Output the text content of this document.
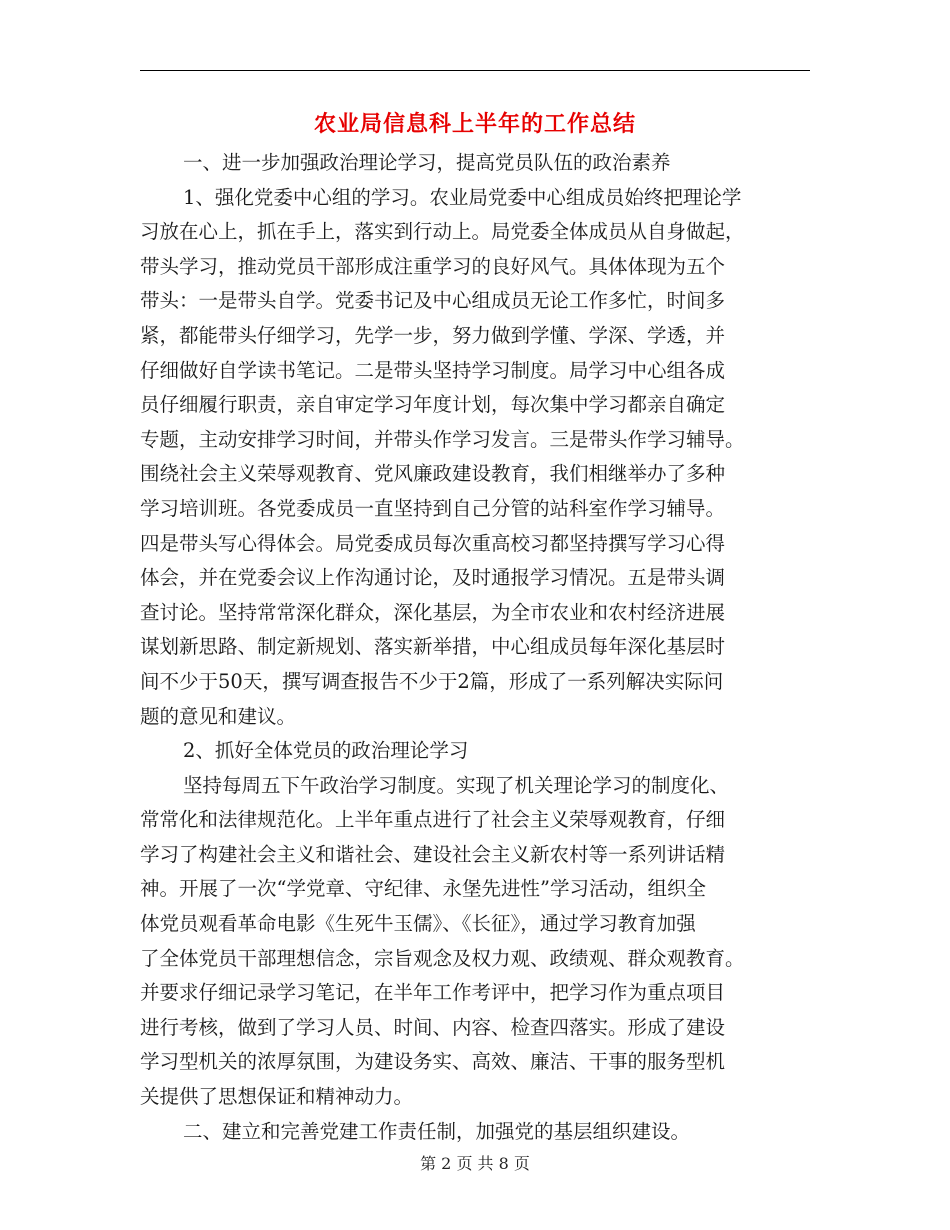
农业局信息科上半年的工作总结
一、进一步加强政治理论学习，提高党员队伍的政治素养
1、强化党委中心组的学习。农业局党委中心组成员始终把理论学
习放在心上，抓在手上，落实到行动上。局党委全体成员从自身做起，
带头学习，推动党员干部形成注重学习的良好风气。具体体现为五个
带头：一是带头自学。党委书记及中心组成员无论工作多忙，时间多
紧，都能带头仔细学习，先学一步，努力做到学懂、学深、学透，并
仔细做好自学读书笔记。二是带头坚持学习制度。局学习中心组各成
员仔细履行职责，亲自审定学习年度计划，每次集中学习都亲自确定
专题，主动安排学习时间，并带头作学习发言。三是带头作学习辅导。
围绕社会主义荣辱观教育、党风廉政建设教育，我们相继举办了多种
学习培训班。各党委成员一直坚持到自己分管的站科室作学习辅导。
四是带头写心得体会。局党委成员每次重高校习都坚持撰写学习心得
体会，并在党委会议上作沟通讨论，及时通报学习情况。五是带头调
查讨论。坚持常常深化群众，深化基层，为全市农业和农村经济进展
谋划新思路、制定新规划、落实新举措，中心组成员每年深化基层时
间不少于50天，撰写调查报告不少于2篇，形成了一系列解决实际问
题的意见和建议。
2、抓好全体党员的政治理论学习
坚持每周五下午政治学习制度。实现了机关理论学习的制度化、
常常化和法律规范化。上半年重点进行了社会主义荣辱观教育，仔细
学习了构建社会主义和谐社会、建设社会主义新农村等一系列讲话精
神。开展了一次“学党章、守纪律、永堡先进性”学习活动，组织全
体党员观看革命电影《生死牛玉儒》、《长征》，通过学习教育加强
了全体党员干部理想信念，宗旨观念及权力观、政绩观、群众观教育。
并要求仔细记录学习笔记，在半年工作考评中，把学习作为重点项目
进行考核，做到了学习人员、时间、内容、检查四落实。形成了建设
学习型机关的浓厚氛围，为建设务实、高效、廉洁、干事的服务型机
关提供了思想保证和精神动力。
二、建立和完善党建工作责任制，加强党的基层组织建设。
第 2 页 共 8 页
